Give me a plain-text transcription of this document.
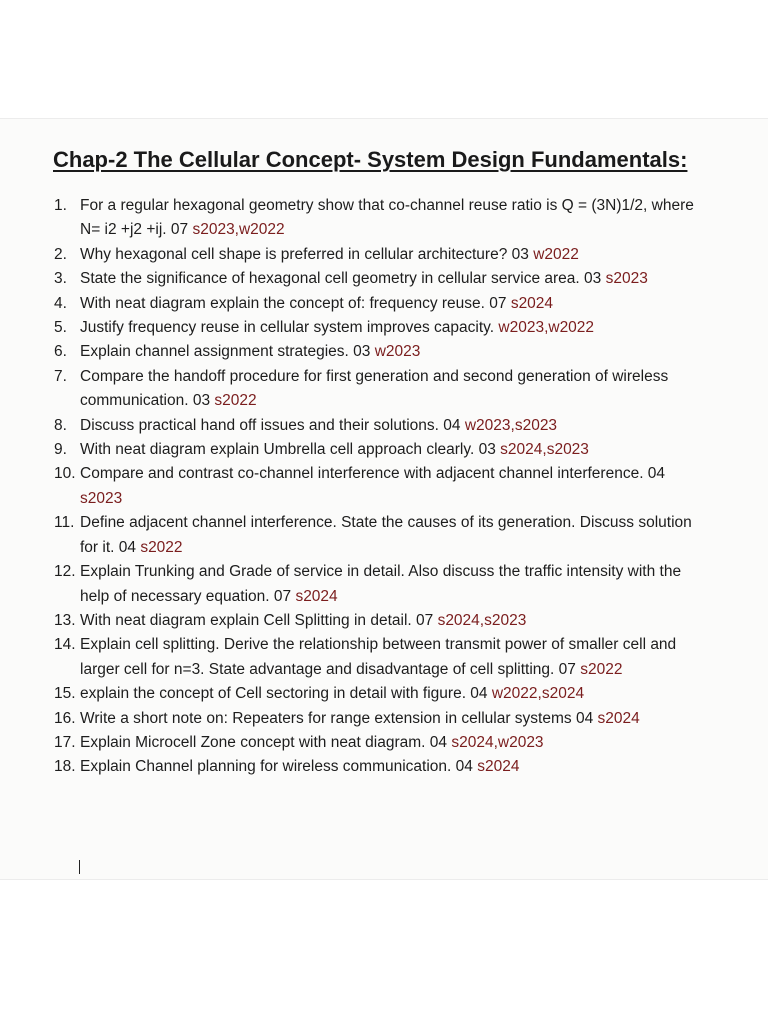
Chap-2 The Cellular Concept- System Design Fundamentals:
1. For a regular hexagonal geometry show that co-channel reuse ratio is Q = (3N)1/2, where N= i2 +j2 +ij. 07 s2023,w2022
2. Why hexagonal cell shape is preferred in cellular architecture? 03 w2022
3. State the significance of hexagonal cell geometry in cellular service area. 03 s2023
4. With neat diagram explain the concept of: frequency reuse. 07 s2024
5. Justify frequency reuse in cellular system improves capacity. w2023,w2022
6. Explain channel assignment strategies. 03 w2023
7. Compare the handoff procedure for first generation and second generation of wireless communication. 03 s2022
8. Discuss practical hand off issues and their solutions. 04 w2023,s2023
9. With neat diagram explain Umbrella cell approach clearly. 03 s2024,s2023
10. Compare and contrast co-channel interference with adjacent channel interference. 04 s2023
11. Define adjacent channel interference. State the causes of its generation. Discuss solution for it. 04 s2022
12. Explain Trunking and Grade of service in detail. Also discuss the traffic intensity with the help of necessary equation. 07 s2024
13. With neat diagram explain Cell Splitting in detail. 07 s2024,s2023
14. Explain cell splitting. Derive the relationship between transmit power of smaller cell and larger cell for n=3. State advantage and disadvantage of cell splitting. 07 s2022
15. explain the concept of Cell sectoring in detail with figure. 04 w2022,s2024
16. Write a short note on: Repeaters for range extension in cellular systems 04 s2024
17. Explain Microcell Zone concept with neat diagram. 04 s2024,w2023
18. Explain Channel planning for wireless communication. 04 s2024
